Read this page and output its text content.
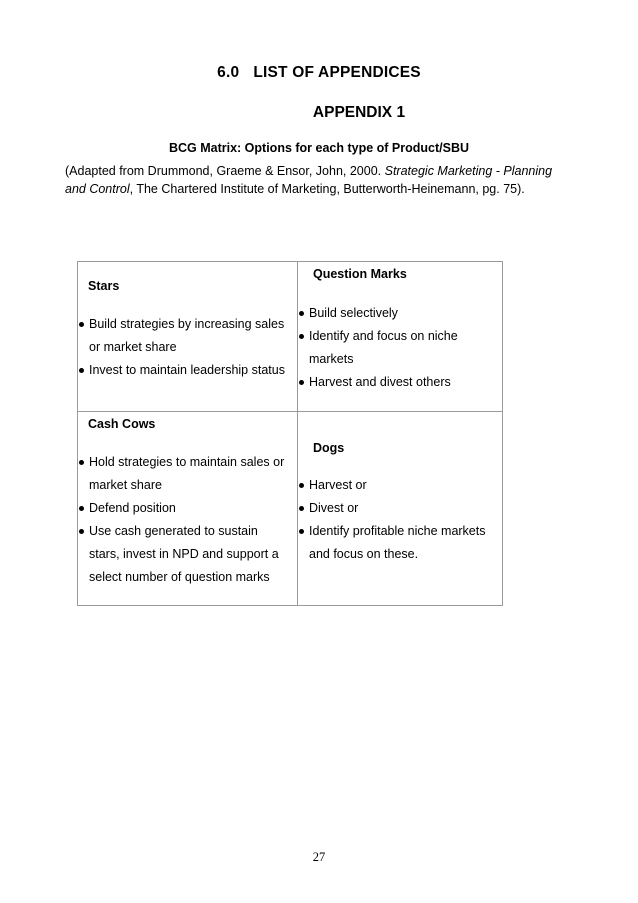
6.0 LIST OF APPENDICES
APPENDIX 1
BCG Matrix: Options for each type of Product/SBU
(Adapted from Drummond, Graeme & Ensor, John, 2000. Strategic Marketing - Planning and Control, The Chartered Institute of Marketing, Butterworth-Heinemann, pg. 75).
Stars
Build strategies by increasing sales or market share
Invest to maintain leadership status
Question Marks
Build selectively
Identify and focus on niche markets
Harvest and divest others
Cash Cows
Hold strategies to maintain sales or market share
Defend position
Use cash generated to sustain stars, invest in NPD and support a select number of question marks
Dogs
Harvest or
Divest or
Identify profitable niche markets and focus on these.
27
